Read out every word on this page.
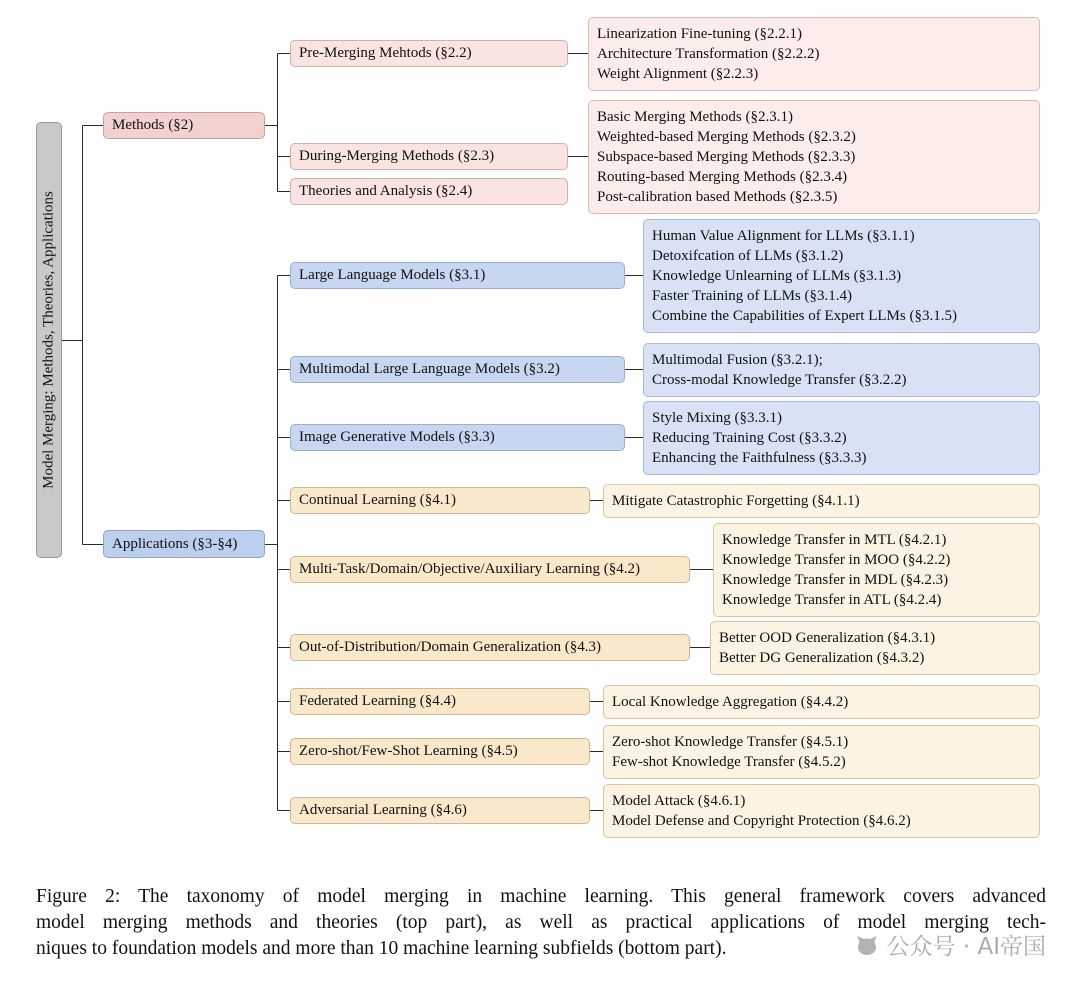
Model Merging: Methods, Theories, Applications
Methods (§2)
Applications (§3-§4)
Pre-Merging Mehtods (§2.2)
During-Merging Methods (§2.3)
Theories and Analysis (§2.4)
Linearization Fine-tuning (§2.2.1)
Architecture Transformation (§2.2.2)
Weight Alignment (§2.2.3)
Basic Merging Methods (§2.3.1)
Weighted-based Merging Methods (§2.3.2)
Subspace-based Merging Methods (§2.3.3)
Routing-based Merging Methods (§2.3.4)
Post-calibration based Methods (§2.3.5)
Large Language Models (§3.1)
Multimodal Large Language Models (§3.2)
Image Generative Models (§3.3)
Continual Learning (§4.1)
Multi-Task/Domain/Objective/Auxiliary Learning (§4.2)
Out-of-Distribution/Domain Generalization (§4.3)
Federated Learning (§4.4)
Zero-shot/Few-Shot Learning (§4.5)
Adversarial Learning (§4.6)
Human Value Alignment for LLMs (§3.1.1)
Detoxifcation of LLMs (§3.1.2)
Knowledge Unlearning of LLMs (§3.1.3)
Faster Training of LLMs (§3.1.4)
Combine the Capabilities of Expert LLMs (§3.1.5)
Multimodal Fusion (§3.2.1);
Cross-modal Knowledge Transfer (§3.2.2)
Style Mixing (§3.3.1)
Reducing Training Cost (§3.3.2)
Enhancing the Faithfulness (§3.3.3)
Mitigate Catastrophic Forgetting (§4.1.1)
Knowledge Transfer in MTL (§4.2.1)
Knowledge Transfer in MOO (§4.2.2)
Knowledge Transfer in MDL (§4.2.3)
Knowledge Transfer in ATL (§4.2.4)
Better OOD Generalization (§4.3.1)
Better DG Generalization (§4.3.2)
Local Knowledge Aggregation (§4.4.2)
Zero-shot Knowledge Transfer (§4.5.1)
Few-shot Knowledge Transfer (§4.5.2)
Model Attack (§4.6.1)
Model Defense and Copyright Protection (§4.6.2)
Figure 2: The taxonomy of model merging in machine learning. This general framework covers advanced
model merging methods and theories (top part), as well as practical applications of model merging tech-
niques to foundation models and more than 10 machine learning subfields (bottom part).	公众号 · AI帝国
